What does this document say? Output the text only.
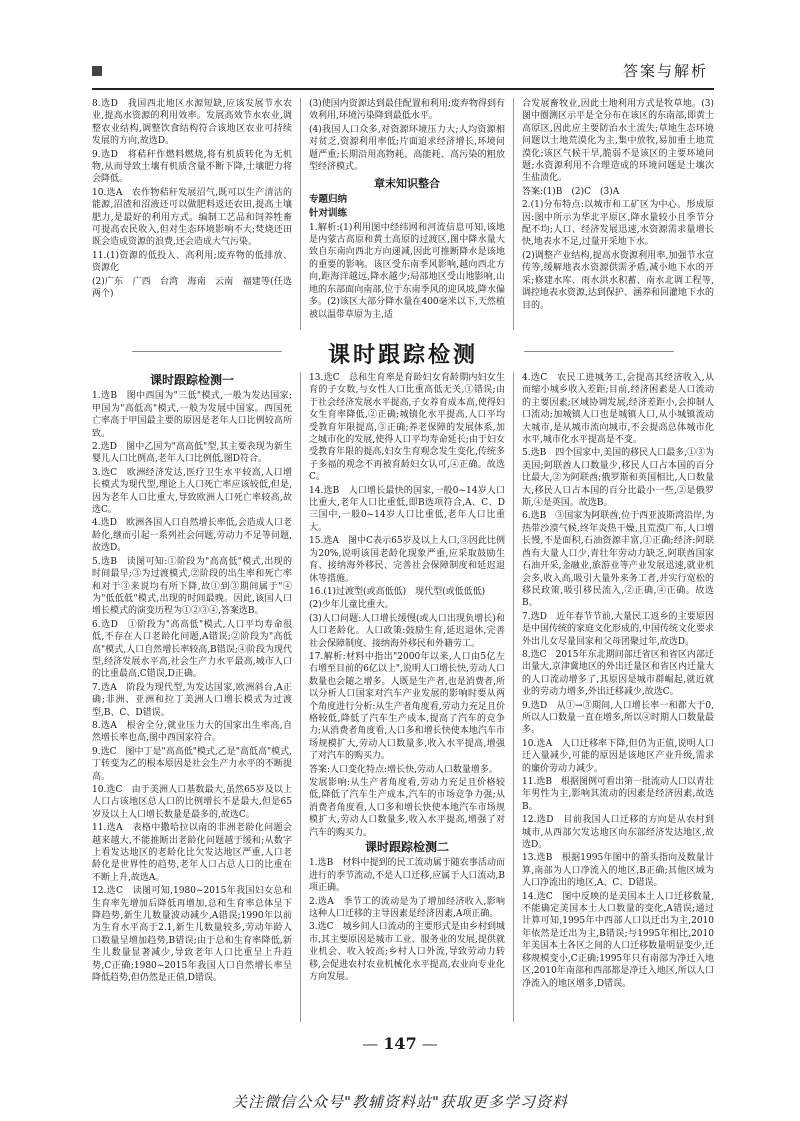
答案与解析

8.选D　我国西北地区水源短缺,应该发展节水农业,提高水资源的利用效率。发展高效节水农业,调整农业结构,调整饮食结构符合该地区农业可持续发展的方向,故选D。

9.选D　将秸秆作燃料燃烧,将有机质转化为无机物,从而导致土壤有机质含量不断下降,土壤肥力将会降低。

10.选A　农作物秸秆发展沼气,既可以生产清洁的能源,沼渣和沼液还可以做肥料返还农田,提高土壤肥力,是最好的利用方式。编制工艺品和饲养牲畜可提高农民收入,但对生态环境影响不大;焚烧还田既会造成资源的浪费,还会造成大气污染。

11.(1)资源的低投入、高利用;废弃物的低排放、资源化

(2)广东　广西　台湾　海南　云南　福建等(任选两个)

(3)使国内资源达到最佳配置和利用;废弃物得到有效利用,环境污染降到最低水平。

(4)我国人口众多,对资源环境压力大;人均资源相对贫乏,资源利用率低;片面追求经济增长,环境问题严重;长期沿用高物耗、高能耗、高污染的粗放型经济模式。

章末知识整合
专题归纳
针对训练

1.解析:(1)利用图中经纬网和河流信息可知,该地是内蒙古高原和黄土高原的过渡区,图中降水量大致自东南向西北方向递减,因此可推断降水是该地的重要的影响。该区受东南季风影响,越向西北方向,距海洋越远,降水越少;局部地区受山地影响,山地的东部面向南部,位于东南季风的迎风坡,降水偏多。(2)该区大部分降水量在400毫米以下,天然植被以温带草原为主,适

合发展畜牧业,因此土地利用方式是牧草地。(3)图中圈测区示平是全分布在该区的东南部,即黄土高原区,因此应主要防治水土流失;草地生态环境问题以土地荒漠化为主,集中放牧,易加重土地荒漠化;该区气候干旱,脆弱不是该区的主要环境问题;水资源利用不合理造成的环境问题是土壤次生盐渍化。

答案:(1)B　(2)C　(3)A

2.(1)分布特点:以城市和工矿区为中心。形成原因:图中所示为华北平原区,降水量较小且季节分配不均;人口、经济发展迅速,水资源需求量增长快,地表水不足,过量开采地下水。

(2)调整产业结构,提高水资源利用率,加强节水宣传等,缓解地表水资源供需矛盾,减小地下水的开采;修建水库、雨水洪水积蓄、南水北调工程等,调控地表水资源,达到保护、涵养和回灌地下水的目的。

课时跟踪检测
课时跟踪检测一

1.选B　图中西国为"三低"模式,一般为发达国家;甲国为"高低高"模式,一般为发展中国家。西国死亡率高于甲国最主要的原因是老年人口比例较高所致。

2.选D　图中乙国为"高高低"型,其主要表现为新生婴儿人口比例高,老年人口比例低,图D符合。

3.选C　欧洲经济发达,医疗卫生水平较高,人口增长模式为现代型,理论上人口死亡率应该较低,但是,因为老年人口比重大,导致欧洲人口死亡率较高,故选C。

4.选D　欧洲各国人口自然增长率低,会造成人口老龄化,继而引起一系列社会问题,劳动力不足等问题,故选D。

5.选B　读图可知:①阶段为"高高低"模式,出现的时间最早;③为过渡模式,②阶段的出生率和死亡率和对于③来说均有所下降,故①到③期间属于"④为"低低低"模式,出现的时间最晚。因此,该国人口增长模式的演变历程为①②③④,答案选B。

6.选D　①阶段为"高高低"模式,人口平均寿命很低,不存在人口老龄化问题,A错误;②阶段为"高低高"模式,人口自然增长率较高,B错误;④阶段为现代型,经济发展水平高,社会生产力水平最高,城市人口的比重最高,C错误,D正确。

7.选A　阶段为现代型,为发达国家,欧洲斜台,A正确;非洲、亚洲和拉丁美洲人口增长模式为过渡型,B、C、D错误。

8.选A　根舍全分,就业压力大的国家出生率高,自然增长率也高,图中西国家符合。

9.选C　图中丁是"高高低"模式,乙是"高低高"模式,丁转变为乙的根本原因是社会生产力水平的不断提高。

10.选C　由于美洲人口基数最大,虽然65岁及以上人口占该地区总人口的比例增长不是最大,但是65岁及以上人口增长数量是最多的,故选C。

11.选A　表格中撒哈拉以南的非洲老龄化问题会越来越大,不能推断出老龄化问题越于缓和;从数字上看发达地区的老龄化比欠发达地区严重,人口老龄化是世界性的趋势,老年人口占总人口的比重在不断上升,故选A。

12.选C　读图可知,1980~2015年我国妇女总和生育率先增加后降低再增加,总和生育率总体呈下降趋势,新生儿数量波动减少,A错误;1990年以前为生育水平高于2.1,新生儿数量较多,劳动年龄人口数量呈增加趋势,B错误;由于总和生育率降低,新生儿数量显著减少,导致老年人口比重呈上升趋势,C正确;1980~2015年我国人口自然增长率呈降低趋势,但仍然是正值,D错误。

13.选C　总和生育率是育龄妇女育龄期内妇女生育的子女数,与女性人口比重高低无关,①错误;由于社会经济发展水平提高,子女养育成本高,使得妇女生育率降低,②正确;城镇化水平提高,人口平均受教育年限提高,③正确;养老保障的发展体系,加之城市化的发展,使得人口平均寿命延长;由于妇女受教育年限的提高,妇女生育观念发生变化,传统多子多福的观念不再被育龄妇女认可,④正确。故选C。

14.选B　人口增长最快的国家,一般0~14岁人口比重大,老年人口比重低,即B选项符合,A、C、D三国中,一般0~14岁人口比重低,老年人口比重大。

15.选A　图中C表示65岁及以上人口,③因此比例为20%,说明该国老龄化现象严重,应采取鼓励生育、接纳海外移民、完善社会保障制度和延迟退休等措施。

16.(1)过渡型(或高低低)　现代型(或低低低)

(2)少年儿童比重大。

(3)人口问题:人口增长缓慢(或人口出现负增长)和人口老龄化。人口政策:鼓励生育,延迟退休,完善社会保障制度、接纳海外移民和外籍劳工。

17.解析:材料中指出"2000年以来,人口由5亿左右增至目前的6亿以上",说明人口增长快,劳动人口数量也会随之增多。人既是生产者,也是消费者,所以分析人口国家对汽车产业发展的影响时要从两个角度进行分析:从生产者角度看,劳动力充足且价格较低,降低了汽车生产成本,提高了汽车的竞争力;从消费者角度看,人口多和增长快使本地汽车市场规模扩大,劳动人口数量多,收入水平提高,增强了对汽车的购买力。

答案:人口变化特点:增长快,劳动人口数量增多。

发展影响:从生产者角度看,劳动力充足且价格较低,降低了汽车生产成本,汽车的市场竞争力强;从消费者角度看,人口多和增长快使本地汽车市场规模扩大,劳动人口数量多,收入水平提高,增强了对汽车的购买力。

课时跟踪检测二

1.选B　材料中提到的民工流动属于随农事活动而进行的季节流动,不是人口迁移,应属于人口流动,B项正确。

2.选A　季节工的流动是为了增加经济收入,影响这种人口迁移的主导因素是经济因素,A项正确。

3.选C　城乡间人口流动的主要形式是由乡村到城市,其主要原因是城市工业、服务业的发展,提供就业机会、收入较高;乡村人口外流,导致劳动力转移,会促进农村农业机械化水平提高,农业向专业化方向发展。

4.选C　农民工进城务工,会提高其经济收入,从而缩小城乡收入差距;目前,经济困素是人口流动的主要因素;区域协调发展,经济差距小,会抑制人口流动;加城镇人口也是城镇人口,从小城镇流动大城市,是从城市流向城市,不会提高总体城市化水平,城市化水平提高是不变。

5.选B　四个国家中,美国的移民人口最多,①③为美国;阿联酋人口数量少,移民人口占本国的百分比最大,②为阿联酋;俄罗斯和英国相比,人口数量大,移民人口占本国的百分比最小一些,②是俄罗斯,④是英国。故选B。

6.选B　③国家为阿联酋,位于西亚波斯湾沿岸,为热带沙漠气候,终年炎热干燥,且荒漠广布,人口增长慢,不是面积,石油资源丰富,①正确;经济:阿联酋有大量人口少,青壮年劳动力缺乏,阿联酋国家石油开采,金融业,旅游业等产业发展迅速,就业机会多,收入高,吸引大量外来务工者,并实行宽松的移民政策,吸引移民流入,②正确,④正确。故选B。

7.选D　近年春节节前,大量民工返乡的主要原因是中国传统的家庭文化形成的,中国传统文化要求外出儿女尽量回家和父母团聚过年,故选D。

8.选C　2015年东北期间部迁省区和省区内部迁出量大,京津冀地区的外出迁量区和省区内迁量大的人口流动增多了,其原因是城市群崛起,就近就业的劳动力增多,外出迁移减少,故选C。

9.选D　从①→③期间,人口增长率一和都大于0,所以人口数量一直在增多,所以④时期人口数量最多。

10.选A　人口迁移率下降,但仍为正值,说明人口迁入量减少,可能的原因是该地区产业升级,需求的廉价劳动力减少。

11.选B　根据图例可看出第一批流动人口以青壮年男性为主,影响其流动的因素是经济因素,故选B。

12.选D　目前我国人口迁移的方向是从农村到城市,从西部欠发达地区向东部经济发达地区,故选D。

13.选B　根据1995年图中的箭头指向及数量计算,南部为人口净流入的地区,B正确;其他区域为人口净流出的地区,A、C、D错误。

14.选C　图中反映的是美国本土人口迁移数量,不能确定美国本土人口数量的变化,A错误;通过计算可知,1995年中西部人口以迁出为主,2010年依然是迁出为主,B错误;与1995年相比,2010年美国本土各区之间的人口迁移数量明显变少,迁移规模变小,C正确;1995年只有南部为净迁入地区,2010年南部和西部都是净迁入地区,所以人口净流入的地区增多,D错误。

— 147 —
关注微信公众号"教辅资料站"获取更多学习资料
